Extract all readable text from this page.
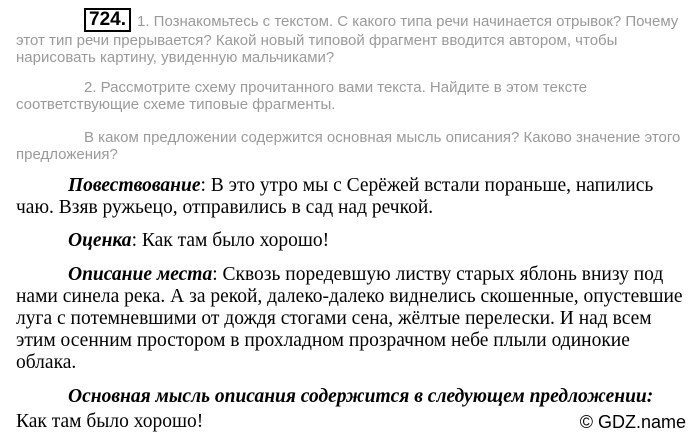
724. 1. Познакомьтесь с текстом. С какого типа речи начинается отрывок? Почему этот тип речи прерывается? Какой новый типовой фрагмент вводится автором, чтобы нарисовать картину, увиденную мальчиками?

2. Рассмотрите схему прочитанного вами текста. Найдите в этом тексте соответствующие схеме типовые фрагменты.

В каком предложении содержится основная мысль описания? Каково значение этого предложения?

Повествование: В это утро мы с Серёжей встали пораньше, напились чаю. Взяв ружьецо, отправились в сад над речкой.

Оценка: Как там было хорошо!

Описание места: Сквозь поредевшую листву старых яблонь внизу под нами синела река. А за рекой, далеко-далеко виднелись скошенные, опустевшие луга с потемневшими от дождя стогами сена, жёлтые перелески. И над всем этим осенним простором в прохладном прозрачном небе плыли одинокие облака.

Основная мысль описания содержится в следующем предложении:

Как там было хорошо!	© GDZ.name
